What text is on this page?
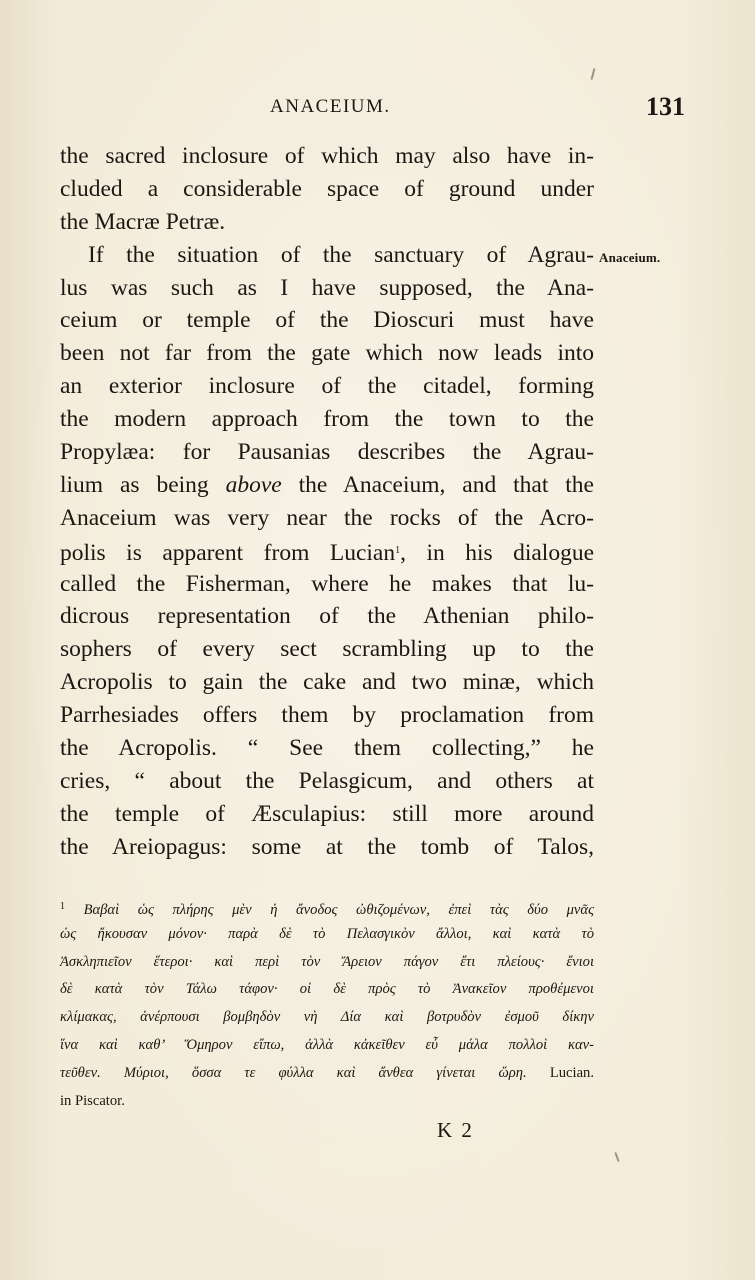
ANACEIUM.	131
Anaceium.
the sacred inclosure of which may also have in-
cluded a considerable space of ground under
the Macræ Petræ.
If the situation of the sanctuary of Agrau-
lus was such as I have supposed, the Ana-
ceium or temple of the Dioscuri must have
been not far from the gate which now leads into
an exterior inclosure of the citadel, forming
the modern approach from the town to the
Propylæa: for Pausanias describes the Agrau-
lium as being above the Anaceium, and that the
Anaceium was very near the rocks of the Acro-
polis is apparent from Lucian$^1$, in his dialogue
called the Fisherman, where he makes that lu-
dicrous representation of the Athenian philo-
sophers of every sect scrambling up to the
Acropolis to gain the cake and two minæ, which
Parrhesiades offers them by proclamation from
the Acropolis. “ See them collecting,” he
cries, “ about the Pelasgicum, and others at
the temple of Æsculapius: still more around
the Areiopagus: some at the tomb of Talos,
$^1$ Βαβαὶ ὡς πλήρης μὲν ἡ ἄνοδος ὠθιζομένων, ἐπεὶ τὰς δύο μνᾶς
ὡς ἤκουσαν μόνον· παρὰ δὲ τὸ Πελασγικὸν ἄλλοι, καὶ κατὰ τὸ
Ἀσκληπιεῖον ἕτεροι· καὶ περὶ τὸν Ἄρειον πάγον ἔτι πλείους· ἔνιοι
δὲ κατὰ τὸν Τάλω τάφον· οἱ δὲ πρὸς τὸ Ἀνακεῖον προθέμενοι
κλίμακας, ἀνέρπουσι βομβηδὸν νὴ Δία καὶ βοτρυδὸν ἐσμοῦ δίκην
ἵνα καὶ καθ’ Ὅμηρον εἴπω, ἀλλὰ κἀκεῖθεν εὖ μάλα πολλοὶ καν-
τεῦθεν. Μύριοι, ὅσσα τε φύλλα καὶ ἄνθεα γίνεται ὥρη. Lucian.
in Piscator.
K 2
